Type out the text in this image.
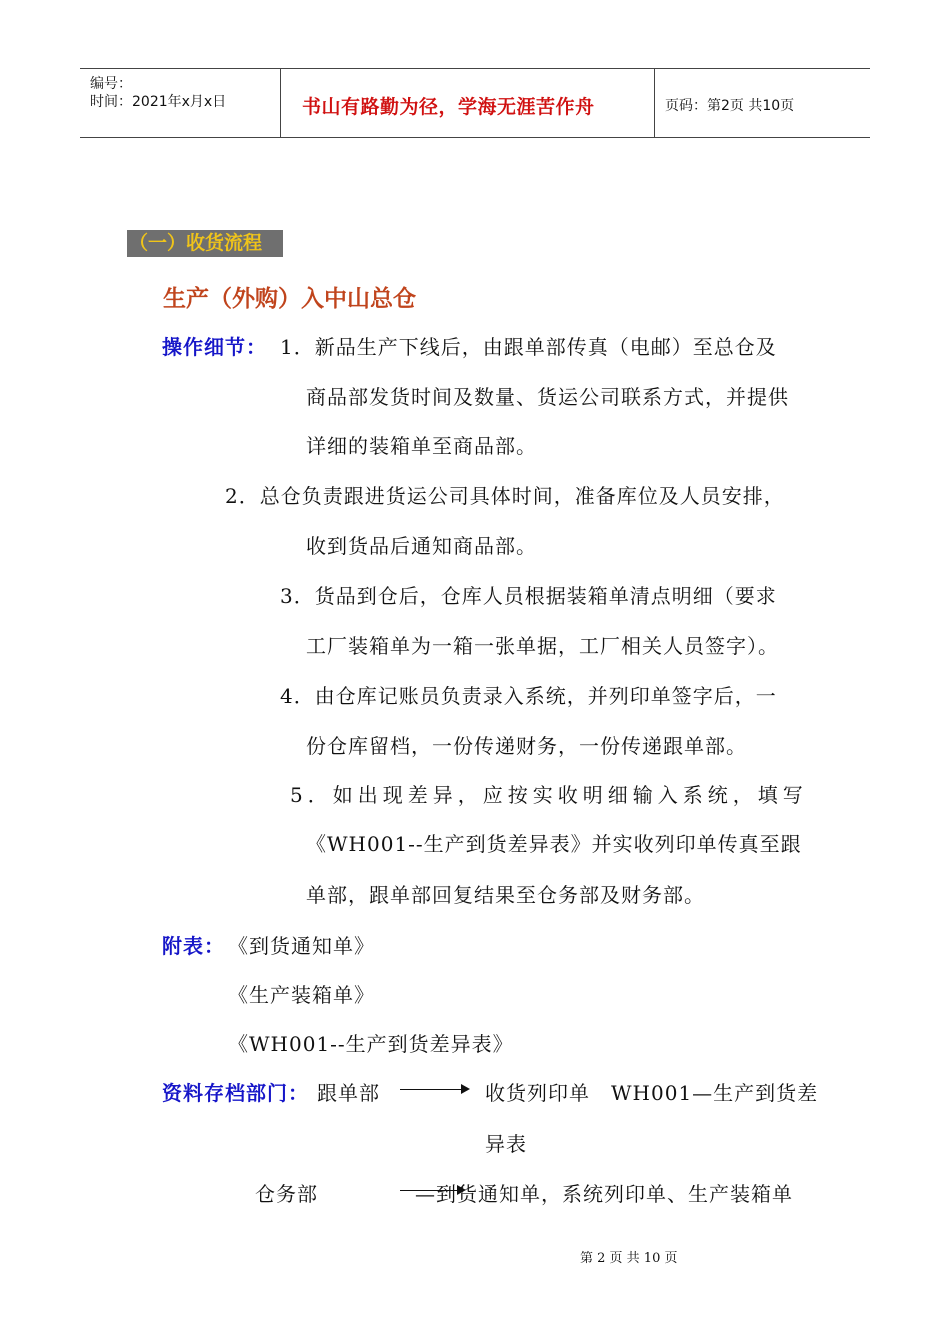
编号：
时间：2021年x月x日	书山有路勤为径，学海无涯苦作舟	页码：第2页 共10页
（一）收货流程
生产（外购）入中山总仓
操作细节： 1．新品生产下线后，由跟单部传真（电邮）至总仓及
商品部发货时间及数量、货运公司联系方式，并提供
详细的装箱单至商品部。
2．总仓负责跟进货运公司具体时间，准备库位及人员安排，
收到货品后通知商品部。
3．货品到仓后，仓库人员根据装箱单清点明细（要求
工厂装箱单为一箱一张单据，工厂相关人员签字）。
4．由仓库记账员负责录入系统，并列印单签字后，一
份仓库留档，一份传递财务，一份传递跟单部。
5．如出现差异，应按实收明细输入系统，填写
《WH001--生产到货差异表》并实收列印单传真至跟
单部，跟单部回复结果至仓务部及财务部。
附表： 《到货通知单》
《生产装箱单》
《WH001--生产到货差异表》
资料存档部门： 跟单部	收货列印单　WH001—生产到货差
异表
仓务部	—到货通知单，系统列印单、生产装箱单
第 2 页 共 10 页
